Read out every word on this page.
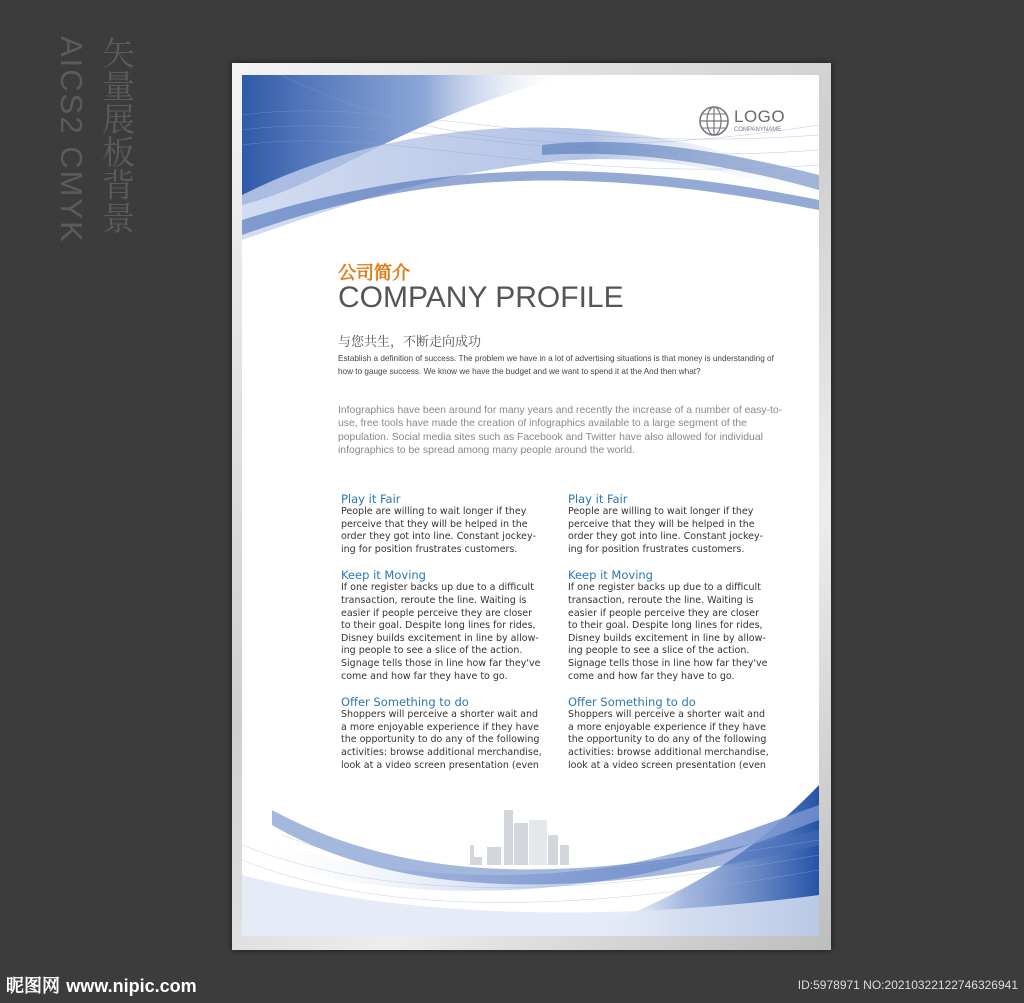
矢量展板背景
AICS2 CMYK	LOGO
COMPANYNAME
公司简介
COMPANY PROFILE
与您共生，不断走向成功
Establish a definition of success. The problem we have in a lot of advertising situations is that money is understanding of how to gauge success. We know we have the budget and we want to spend it at the And then what?
Infographics have been around for many years and recently the increase of a number of easy-to-use, free tools have made the creation of infographics available to a large segment of the population. Social media sites such as Facebook and Twitter have also allowed for individual infographics to be spread among many people around the world.
Play it Fair

People are willing to wait longer if they
perceive that they will be helped in the
order they got into line. Constant jockey-
ing for position frustrates customers.

Keep it Moving

If one register backs up due to a difficult
transaction, reroute the line. Waiting is
easier if people perceive they are closer
to their goal. Despite long lines for rides,
Disney builds excitement in line by allow-
ing people to see a slice of the action.
Signage tells those in line how far they've
come and how far they have to go.

Offer Something to do

Shoppers will perceive a shorter wait and
a more enjoyable experience if they have
the opportunity to do any of the following
activities: browse additional merchandise,
look at a video screen presentation (even

Play it Fair

People are willing to wait longer if they
perceive that they will be helped in the
order they got into line. Constant jockey-
ing for position frustrates customers.

Keep it Moving

If one register backs up due to a difficult
transaction, reroute the line. Waiting is
easier if people perceive they are closer
to their goal. Despite long lines for rides,
Disney builds excitement in line by allow-
ing people to see a slice of the action.
Signage tells those in line how far they've
come and how far they have to go.

Offer Something to do

Shoppers will perceive a shorter wait and
a more enjoyable experience if they have
the opportunity to do any of the following
activities: browse additional merchandise,
look at a video screen presentation (even

昵图网 www.nipic.com	ID:5978971 NO:20210322122746326941
